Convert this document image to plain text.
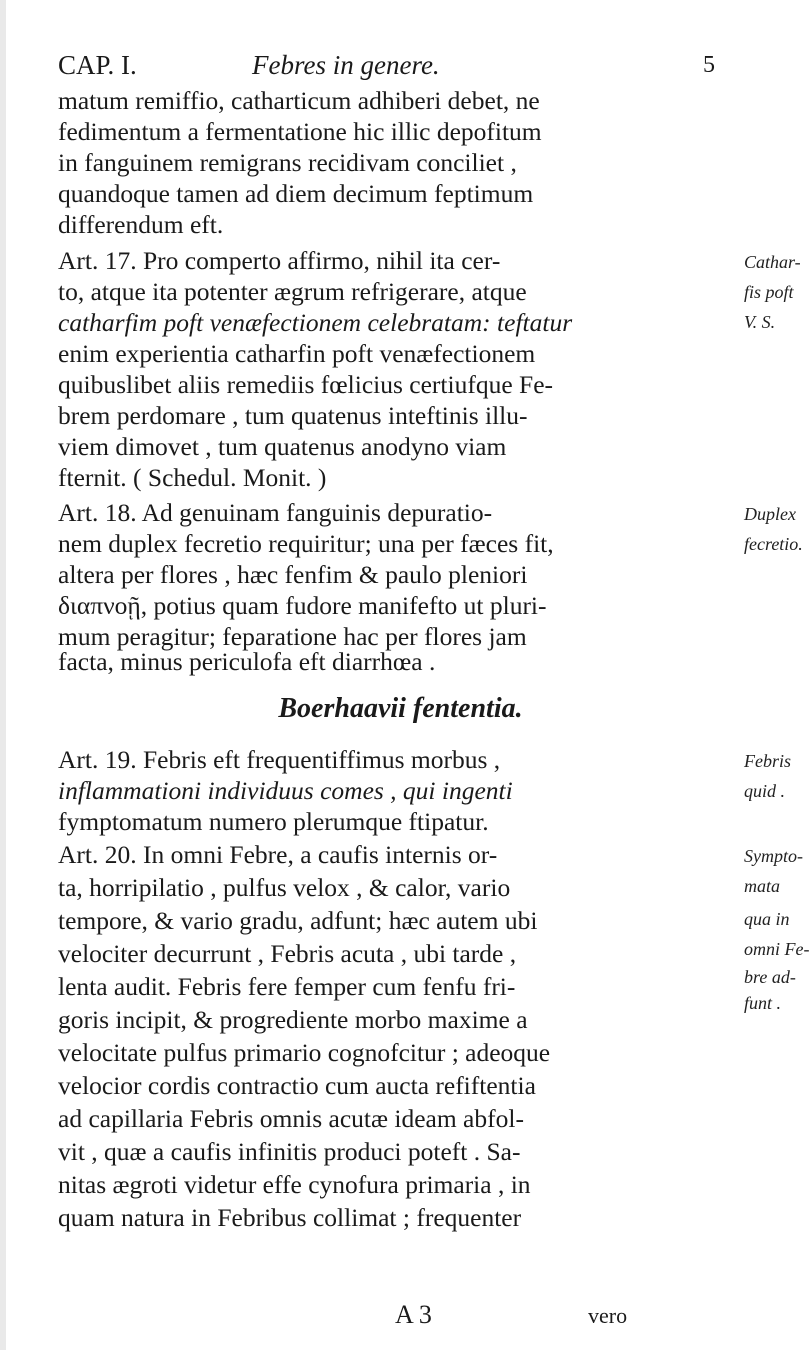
CAP. I.	Febres in genere.	5
matum remiffio, catharticum adhiberi debet, ne
fedimentum a fermentatione hic illic depofitum
in fanguinem remigrans recidivam conciliet ,
quandoque tamen ad diem decimum feptimum
differendum eft.
Art. 17. Pro comperto affirmo, nihil ita cer-
to, atque ita potenter ægrum refrigerare, atque
catharfim poft venæfectionem celebratam: teftatur
enim experientia catharfin poft venæfectionem
quibuslibet aliis remediis fœlicius certiufque Fe-
brem perdomare , tum quatenus inteftinis illu-
viem dimovet , tum quatenus anodyno viam
fternit. ( Schedul. Monit. )
Art. 18. Ad genuinam fanguinis depuratio-
nem duplex fecretio requiritur; una per fæces fit,
altera per flores , hæc fenfim & paulo pleniori
διαπνοῇ, potius quam fudore manifefto ut pluri-
mum peragitur; feparatione hac per flores jam
facta, minus periculofa eft diarrhœa .
Boerhaavii fententia.
Art. 19. Febris eft frequentiffimus morbus ,
inflammationi individuus comes , qui ingenti
fymptomatum numero plerumque ftipatur.
Art. 20. In omni Febre, a caufis internis or-
ta, horripilatio , pulfus velox , & calor, vario
tempore, & vario gradu, adfunt; hæc autem ubi
velociter decurrunt , Febris acuta , ubi tarde ,
lenta audit. Febris fere femper cum fenfu fri-
goris incipit, & progrediente morbo maxime a
velocitate pulfus primario cognofcitur ; adeoque
velocior cordis contractio cum aucta refiftentia
ad capillaria Febris omnis acutæ ideam abfol-
vit , quæ a caufis infinitis produci poteft . Sa-
nitas ægroti videtur effe cynofura primaria , in
quam natura in Febribus collimat ; frequenter
Cathar-
fis poft
V. S.
Duplex
fecretio.
Febris
quid .
Sympto-
mata
qua in
omni Fe-
bre ad-
funt .
A 3	vero
